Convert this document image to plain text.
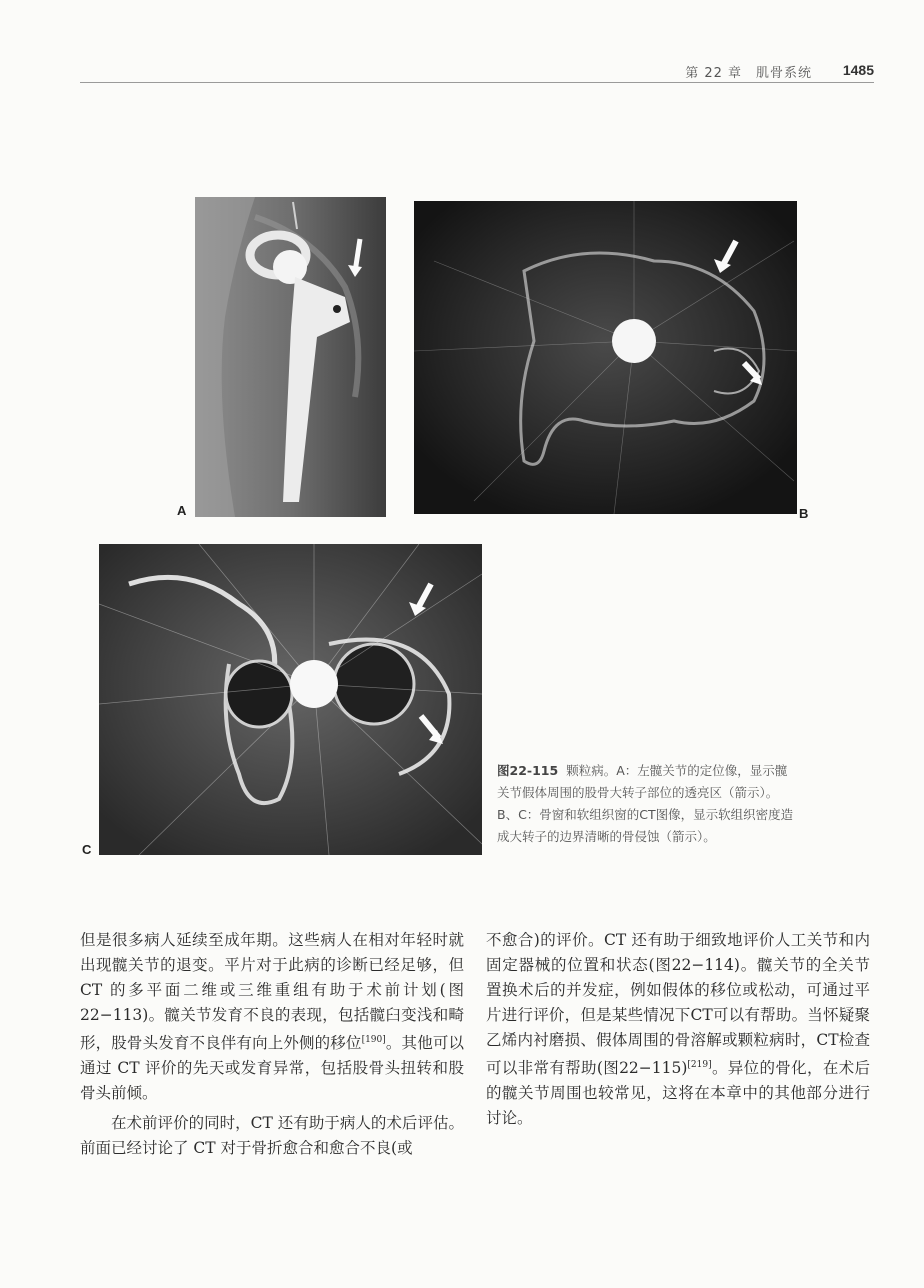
第 22 章　肌骨系统 1485
A	B
C
图22-115 颗粒病。A：左髋关节的定位像，显示髋关节假体周围的股骨大转子部位的透亮区（箭示）。B、C：骨窗和软组织窗的CT图像，显示软组织密度造成大转子的边界清晰的骨侵蚀（箭示）。

但是很多病人延续至成年期。这些病人在相对年轻时就出现髋关节的退变。平片对于此病的诊断已经足够，但 CT 的多平面二维或三维重组有助于术前计划(图22−113)。髋关节发育不良的表现，包括髋臼变浅和畸形，股骨头发育不良伴有向上外侧的移位[190]。其他可以通过 CT 评价的先天或发育异常，包括股骨头扭转和股骨头前倾。

在术前评价的同时，CT 还有助于病人的术后评估。前面已经讨论了 CT 对于骨折愈合和愈合不良(或

不愈合)的评价。CT 还有助于细致地评价人工关节和内固定器械的位置和状态(图22−114)。髋关节的全关节置换术后的并发症，例如假体的移位或松动，可通过平片进行评价，但是某些情况下CT可以有帮助。当怀疑聚乙烯内衬磨损、假体周围的骨溶解或颗粒病时，CT检查可以非常有帮助(图22−115)[219]。异位的骨化，在术后的髋关节周围也较常见，这将在本章中的其他部分进行讨论。
